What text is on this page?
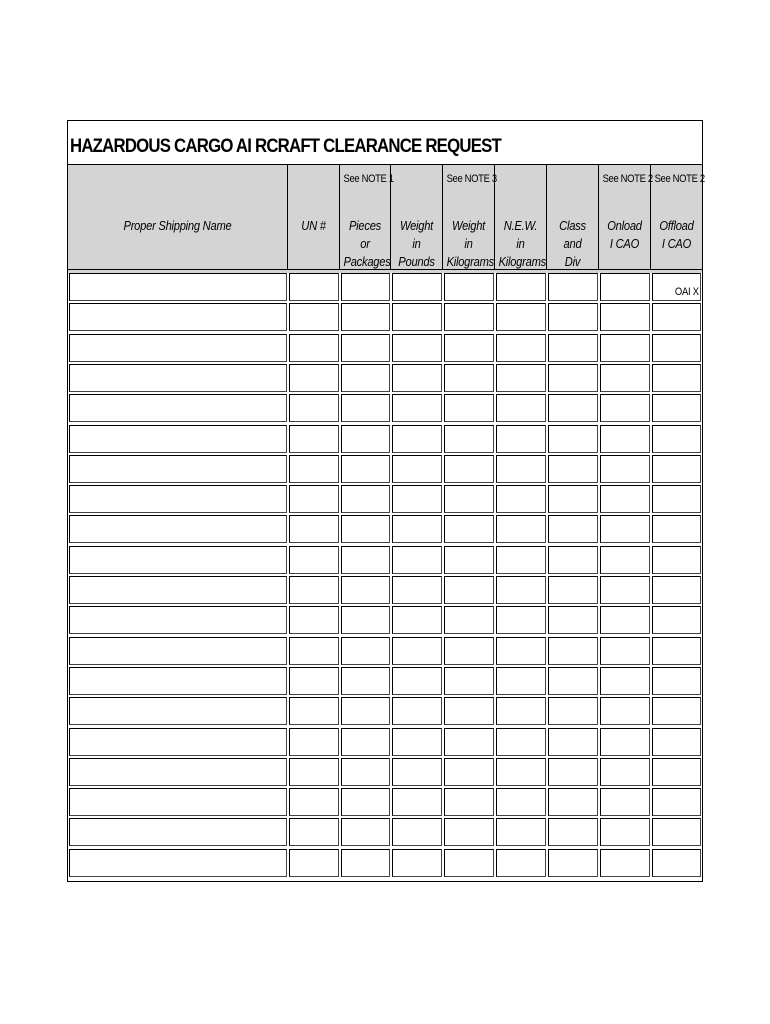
HAZARDOUS CARGO AI RCRAFT CLEARANCE REQUEST
Proper Shipping Name	UN #
See NOTE 1
Pieces
or
Packages
Weight
in
Pounds
See NOTE 3
Weight
in
Kilograms
N.E.W.
in
Kilograms
Class
and
Div
See NOTE 2
Onload
I CAO
See NOTE 2
Offload
I CAO
OAI X
